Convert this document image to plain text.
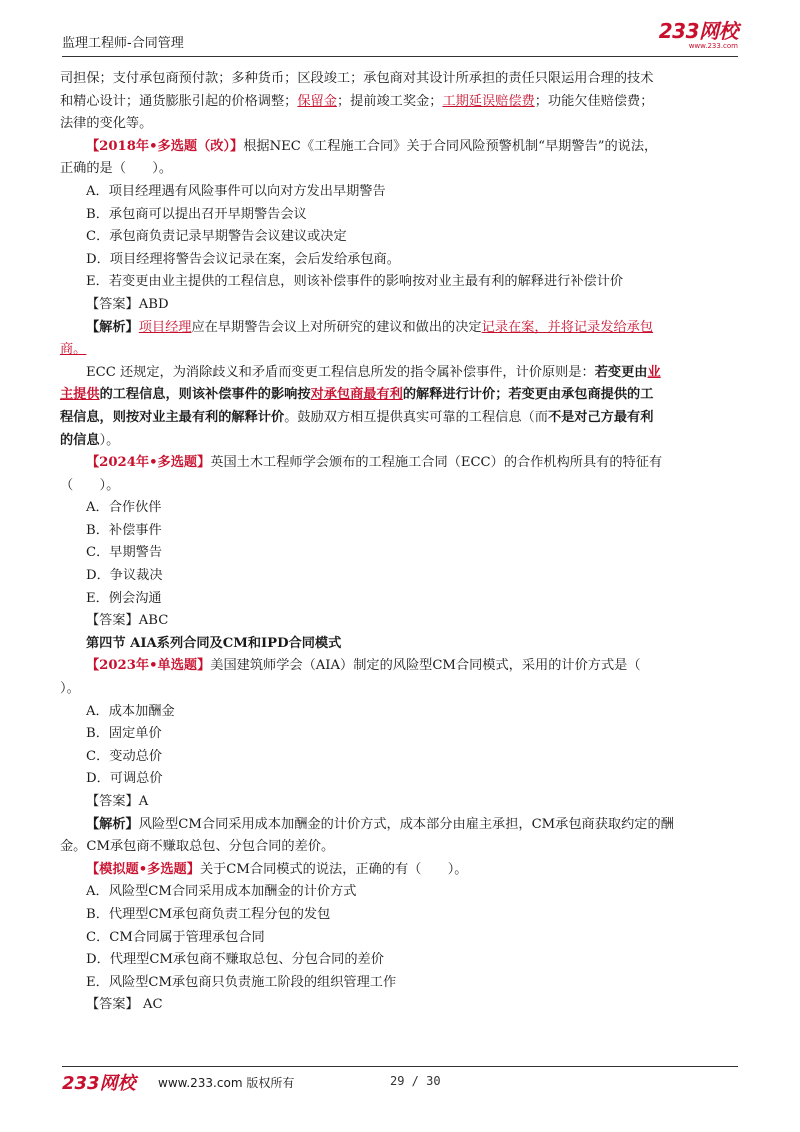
监理工程师-合同管理
233网校
www.233.com

司担保；支付承包商预付款；多种货币；区段竣工；承包商对其设计所承担的责任只限运用合理的技术
和精心设计；通货膨胀引起的价格调整；保留金；提前竣工奖金；工期延误赔偿费；功能欠佳赔偿费；
法律的变化等。

【2018年•多选题（改）】根据NEC《工程施工合同》关于合同风险预警机制“早期警告”的说法，

正确的是（　　）。

A．项目经理遇有风险事件可以向对方发出早期警告

B．承包商可以提出召开早期警告会议

C．承包商负责记录早期警告会议建议或决定

D．项目经理将警告会议记录在案，会后发给承包商。

E．若变更由业主提供的工程信息，则该补偿事件的影响按对业主最有利的解释进行补偿计价

【答案】ABD

【解析】项目经理应在早期警告会议上对所研究的建议和做出的决定记录在案，并将记录发给承包
商。

ECC 还规定，为消除歧义和矛盾而变更工程信息所发的指令属补偿事件，计价原则是：若变更由业
主提供的工程信息，则该补偿事件的影响按对承包商最有利的解释进行计价；若变更由承包商提供的工
程信息，则按对业主最有利的解释计价。鼓励双方相互提供真实可靠的工程信息（而不是对己方最有利
的信息）。

【2024年•多选题】英国土木工程师学会颁布的工程施工合同（ECC）的合作机构所具有的特征有

（　　）。

A．合作伙伴

B．补偿事件

C．早期警告

D．争议裁决

E．例会沟通

【答案】ABC

第四节 AIA系列合同及CM和IPD合同模式

【2023年•单选题】美国建筑师学会（AIA）制定的风险型CM合同模式，采用的计价方式是（

）。

A．成本加酬金

B．固定单价

C．变动总价

D．可调总价

【答案】A

【解析】风险型CM合同采用成本加酬金的计价方式，成本部分由雇主承担，CM承包商获取约定的酬

金。CM承包商不赚取总包、分包合同的差价。

【模拟题•多选题】关于CM合同模式的说法，正确的有（　　）。

A．风险型CM合同采用成本加酬金的计价方式

B．代理型CM承包商负责工程分包的发包

C．CM合同属于管理承包合同

D．代理型CM承包商不赚取总包、分包合同的差价

E．风险型CM承包商只负责施工阶段的组织管理工作

【答案】 AC

233网校 www.233.com 版权所有	29 / 30
